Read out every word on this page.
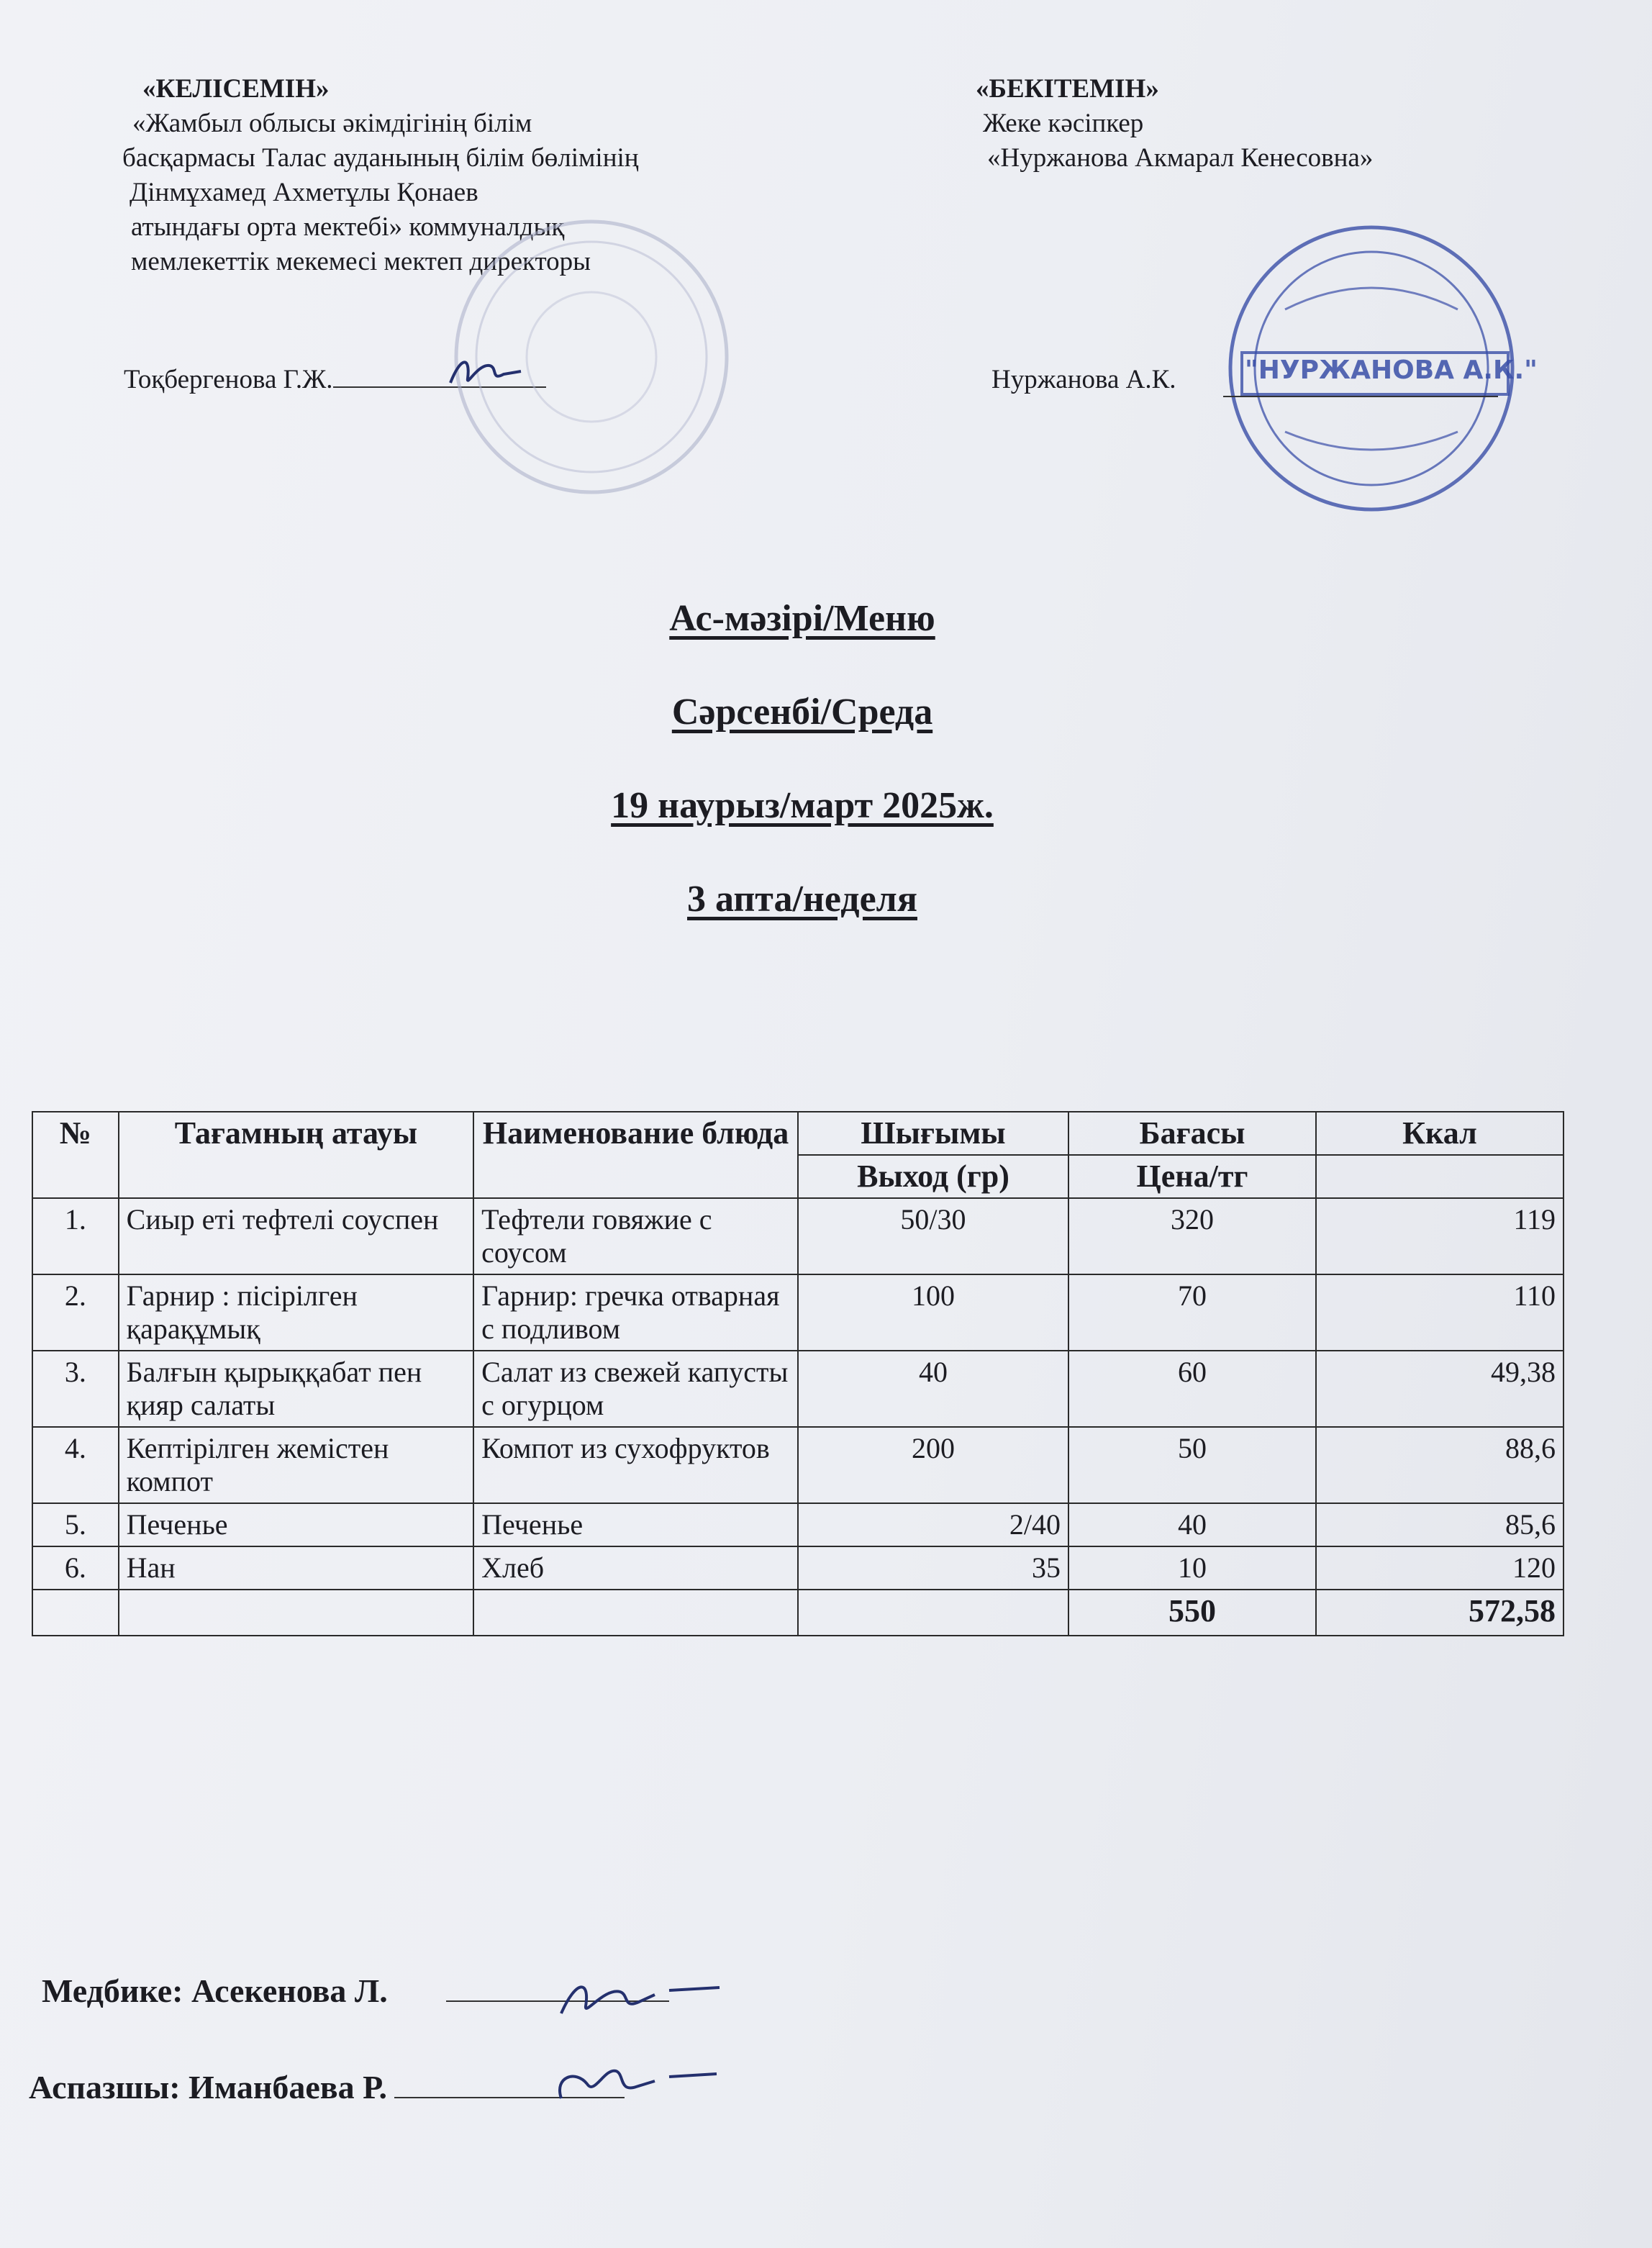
«КЕЛІСЕМІН»
«Жамбыл облысы әкімдігінің білім
басқармасы Талас ауданының білім бөлімінің
Дінмұхамед Ахметұлы Қонаев
атындағы орта мектебі» коммуналдық
мемлекеттік мекемесі мектеп директоры
Тоқбергенова Г.Ж.
«БЕКІТЕМІН»
Жеке кәсіпкер
«Нуржанова Акмарал Кенесовна»
Нуржанова А.К.	"НУРЖАНОВА А.К."
Ас-мәзірі/Меню
Сәрсенбі/Среда
19 наурыз/март 2025ж.
3 апта/неделя
№	Тағамның атауы	Наименование блюда	Шығымы	Бағасы	Ккал
			Выход (гр)	Цена/тг	
1.	Сиыр еті тефтелі соуспен	Тефтели говяжие с соусом	50/30	320	119
2.	Гарнир : пісірілген қарақұмық	Гарнир: гречка отварная с подливом	100	70	110
3.	Балғын қырыққабат пен қияр салаты	Салат из свежей капусты с огурцом	40	60	49,38
4.	Кептірілген жемістен компот	Компот из сухофруктов	200	50	88,6
5.	Печенье	Печенье	2/40	40	85,6
6.	Нан	Хлеб	35	10	120
				550	572,58
Медбике: Асекенова Л.
Аспазшы: Иманбаева Р.
